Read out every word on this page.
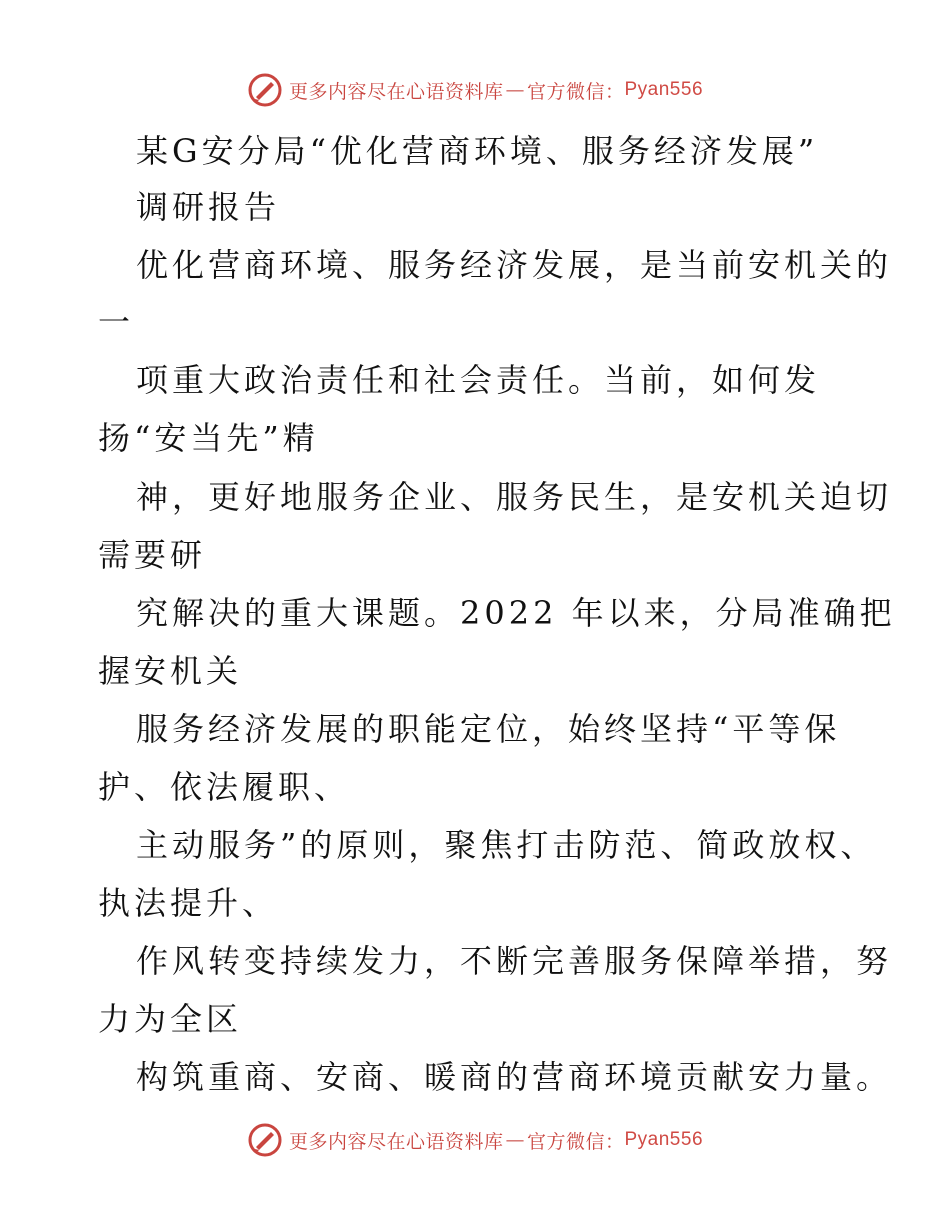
更多内容尽在心语资料库 — 官方微信： Pyan556
某G安分局“优化营商环境、服务经济发展”
调研报告
优化营商环境、服务经济发展，是当前安机关的
一
项重大政治责任和社会责任。当前，如何发
扬“安当先”精
神，更好地服务企业、服务民生，是安机关迫切
需要研
究解决的重大课题。2022 年以来，分局准确把
握安机关
服务经济发展的职能定位，始终坚持“平等保
护、依法履职、
主动服务”的原则，聚焦打击防范、简政放权、
执法提升、
作风转变持续发力，不断完善服务保障举措，努
力为全区
构筑重商、安商、暖商的营商环境贡献安力量。
更多内容尽在心语资料库 — 官方微信： Pyan556
